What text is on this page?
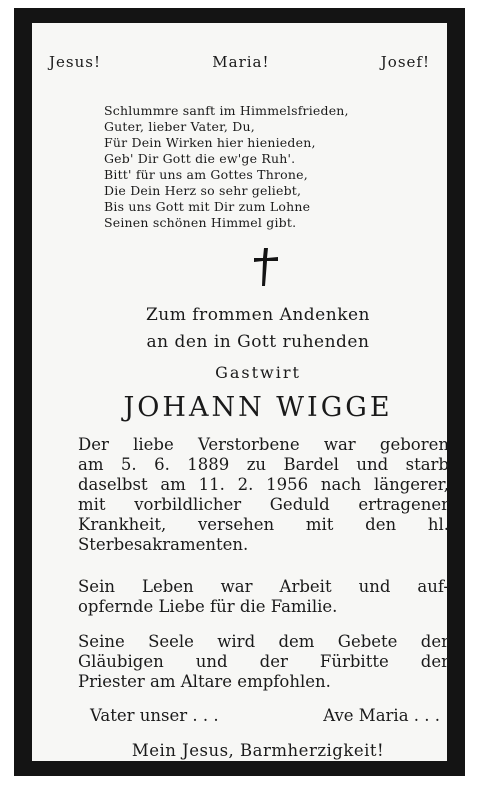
Jesus!	Maria!	Josef!
Schlummre sanft im Himmelsfrieden,
Guter, lieber Vater, Du,
Für Dein Wirken hier hienieden,
Geb' Dir Gott die ew'ge Ruh'.
Bitt' für uns am Gottes Throne,
Die Dein Herz so sehr geliebt,
Bis uns Gott mit Dir zum Lohne
Seinen schönen Himmel gibt.
Zum frommen Andenken
an den in Gott ruhenden
Gastwirt
JOHANN WIGGE
Der liebe Verstorbene war geboren
am 5. 6. 1889 zu Bardel und starb
daselbst am 11. 2. 1956 nach längerer,
mit vorbildlicher Geduld ertragener
Krankheit, versehen mit den hl.
Sterbesakramenten.
Sein Leben war Arbeit und auf-
opfernde Liebe für die Familie.
Seine Seele wird dem Gebete der
Gläubigen und der Fürbitte der
Priester am Altare empfohlen.
Vater unser . . .	Ave Maria . . .
Mein Jesus, Barmherzigkeit!
